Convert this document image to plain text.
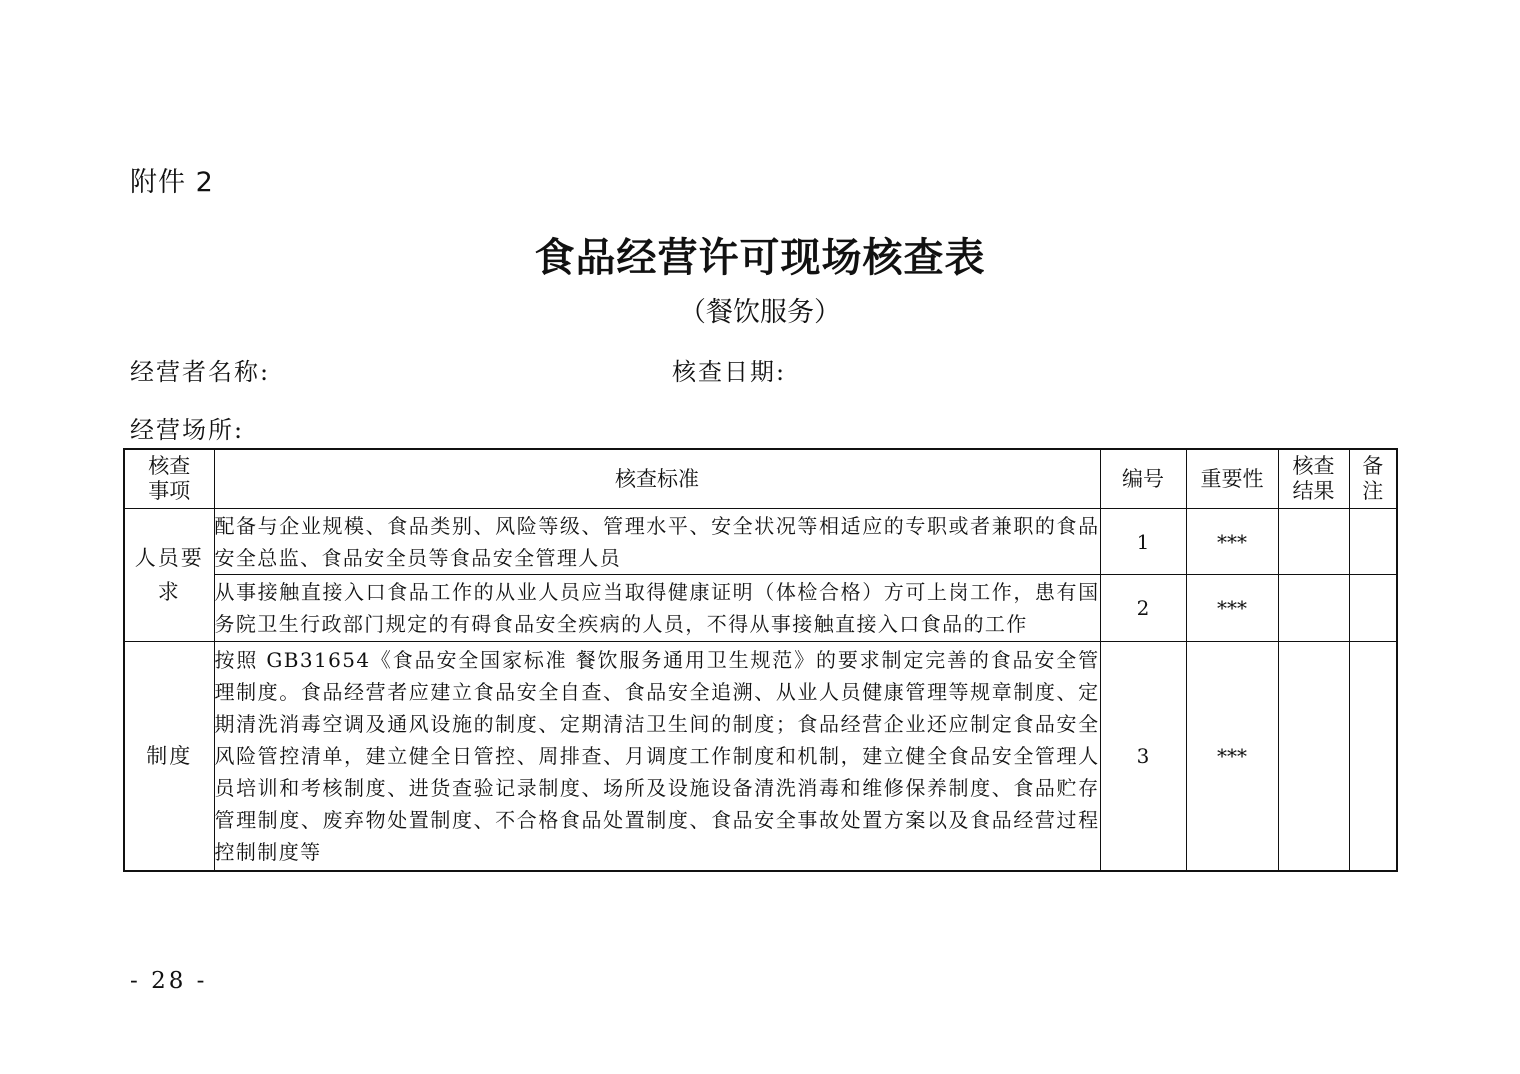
附件 2
食品经营许可现场核查表
（餐饮服务）
经营者名称:	核查日期:
经营场所:
核查事项	核查标准	编号	重要性	核查结果	备注
人员要求	配备与企业规模、食品类别、风险等级、管理水平、安全状况等相适应的专职或者兼职的食品安全总监、食品安全员等食品安全管理人员	1	***		
	从事接触直接入口食品工作的从业人员应当取得健康证明（体检合格）方可上岗工作，患有国务院卫生行政部门规定的有碍食品安全疾病的人员，不得从事接触直接入口食品的工作	2	***		
制度	按照 GB31654《食品安全国家标准 餐饮服务通用卫生规范》的要求制定完善的食品安全管理制度。食品经营者应建立食品安全自查、食品安全追溯、从业人员健康管理等规章制度、定期清洗消毒空调及通风设施的制度、定期清洁卫生间的制度；食品经营企业还应制定食品安全风险管控清单，建立健全日管控、周排查、月调度工作制度和机制，建立健全食品安全管理人员培训和考核制度、进货查验记录制度、场所及设施设备清洗消毒和维修保养制度、食品贮存管理制度、废弃物处置制度、不合格食品处置制度、食品安全事故处置方案以及食品经营过程控制制度等	3	***		
- 28 -
